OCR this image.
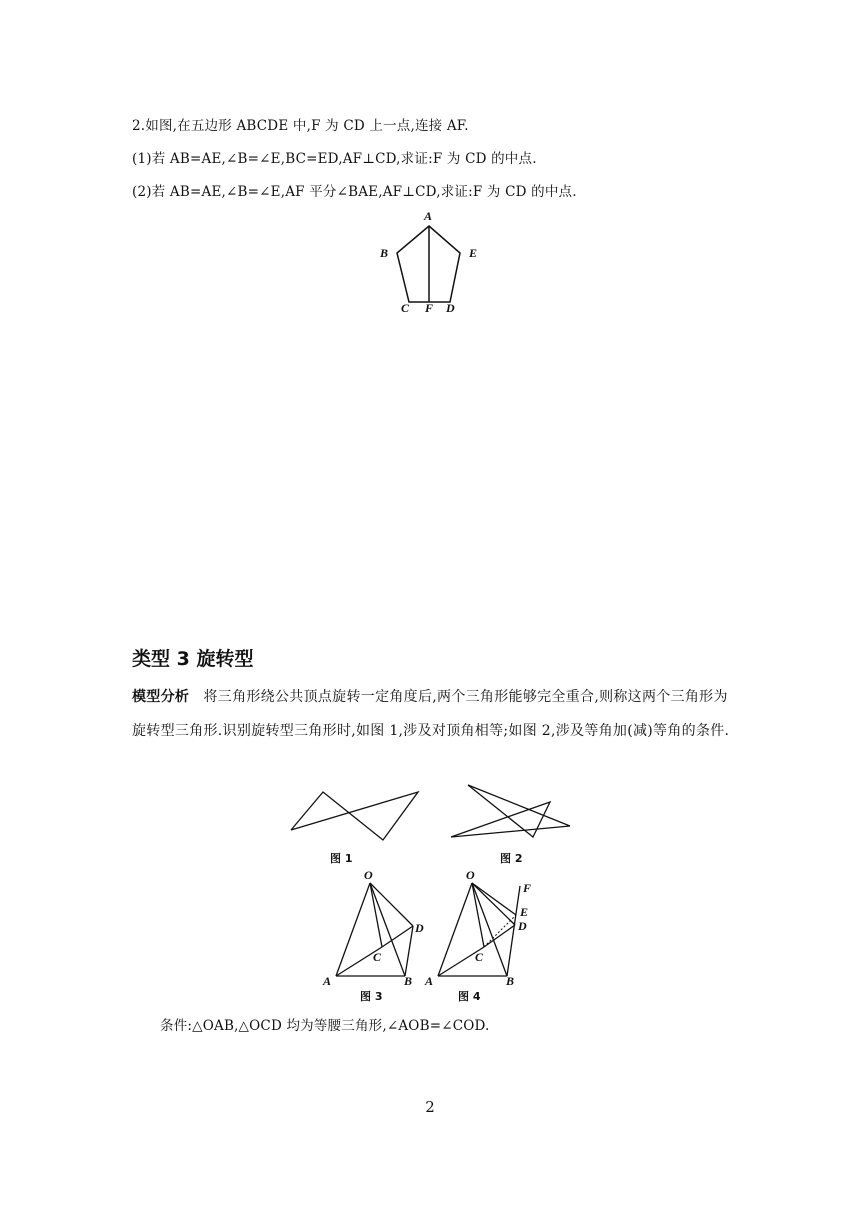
2.如图,在五边形 ABCDE 中,F 为 CD 上一点,连接 AF.
(1)若 AB=AE,∠B=∠E,BC=ED,AF⊥CD,求证:F 为 CD 的中点.
(2)若 AB=AE,∠B=∠E,AF 平分∠BAE,AF⊥CD,求证:F 为 CD 的中点.
A
B	E
C F D
类型 3 旋转型
模型分析 将三角形绕公共顶点旋转一定角度后,两个三角形能够完全重合,则称这两个三角形为旋转型三角形.识别旋转型三角形时,如图 1,涉及对顶角相等;如图 2,涉及等角加(减)等角的条件.
图 1	图 2
O
C
D
A	B
图 3
O
F
E
D
C
A	B
图 4
条件:△OAB,△OCD 均为等腰三角形,∠AOB=∠COD.
2
